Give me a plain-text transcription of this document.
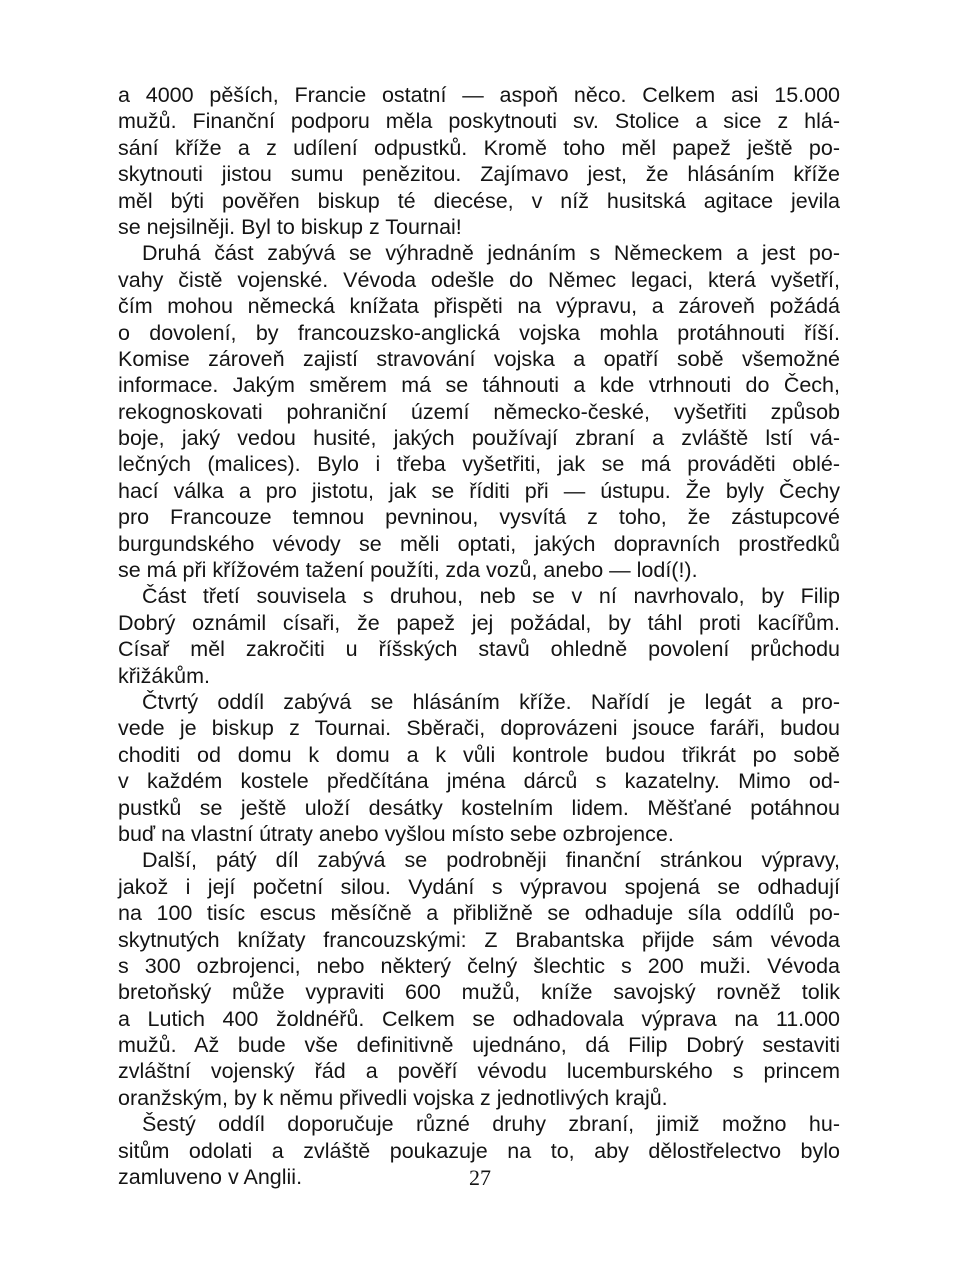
a 4000 pěších, Francie ostatní — aspoň něco. Celkem asi 15.000
mužů. Finanční podporu měla poskytnouti sv. Stolice a sice z hlá-
sání kříže a z udílení odpustků. Kromě toho měl papež ještě po-
skytnouti jistou sumu penězitou. Zajímavo jest, že hlásáním kříže
měl býti pověřen biskup té diecése, v níž husitská agitace jevila
se nejsilněji. Byl to biskup z Tournai!
Druhá část zabývá se výhradně jednáním s Německem a jest po-
vahy čistě vojenské. Vévoda odešle do Němec legaci, která vyšetří,
čím mohou německá knížata přispěti na výpravu, a zároveň požádá
o dovolení, by francouzsko-anglická vojska mohla protáhnouti říší.
Komise zároveň zajistí stravování vojska a opatří sobě všemožné
informace. Jakým směrem má se táhnouti a kde vtrhnouti do Čech,
rekognoskovati pohraniční území německo-české, vyšetřiti způsob
boje, jaký vedou husité, jakých používají zbraní a zvláště lstí vá-
lečných (malices). Bylo i třeba vyšetřiti, jak se má prováděti oblé-
hací válka a pro jistotu, jak se říditi při — ústupu. Že byly Čechy
pro Francouze temnou pevninou, vysvítá z toho, že zástupcové
burgundského vévody se měli optati, jakých dopravních prostředků
se má při křížovém tažení použíti, zda vozů, anebo — lodí(!).
Část třetí souvisela s druhou, neb se v ní navrhovalo, by Filip
Dobrý oznámil císaři, že papež jej požádal, by táhl proti kacířům.
Císař měl zakročiti u říšských stavů ohledně povolení průchodu
křižákům.
Čtvrtý oddíl zabývá se hlásáním kříže. Nařídí je legát a pro-
vede je biskup z Tournai. Sběrači, doprovázeni jsouce faráři, budou
choditi od domu k domu a k vůli kontrole budou třikrát po sobě
v každém kostele předčítána jména dárců s kazatelny. Mimo od-
pustků se ještě uloží desátky kostelním lidem. Měšťané potáhnou
buď na vlastní útraty anebo vyšlou místo sebe ozbrojence.
Další, pátý díl zabývá se podrobněji finanční stránkou výpravy,
jakož i její početní silou. Vydání s výpravou spojená se odhadují
na 100 tisíc escus měsíčně a přibližně se odhaduje síla oddílů po-
skytnutých knížaty francouzskými: Z Brabantska přijde sám vévoda
s 300 ozbrojenci, nebo některý čelný šlechtic s 200 muži. Vévoda
bretoňský může vypraviti 600 mužů, kníže savojský rovněž tolik
a Lutich 400 žoldnéřů. Celkem se odhadovala výprava na 11.000
mužů. Až bude vše definitivně ujednáno, dá Filip Dobrý sestaviti
zvláštní vojenský řád a pověří vévodu lucemburského s princem
oranžským, by k němu přivedli vojska z jednotlivých krajů.
Šestý oddíl doporučuje různé druhy zbraní, jimiž možno hu-
sitům odolati a zvláště poukazuje na to, aby dělostřelectvo bylo
zamluveno v Anglii.	27
